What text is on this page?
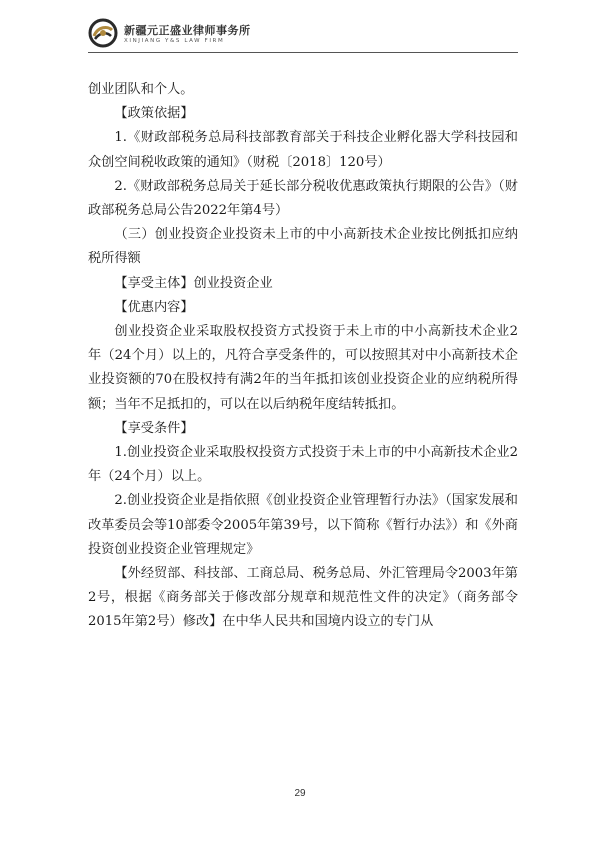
新疆元正盛业律师事务所
XINJIANG Y&S LAW FIRM

创业团队和个人。

【政策依据】

1.《财政部税务总局科技部教育部关于科技企业孵化器大学科技园和众创空间税收政策的通知》（财税〔2018〕120号）

2.《财政部税务总局关于延长部分税收优惠政策执行期限的公告》（财政部税务总局公告2022年第4号）

（三）创业投资企业投资未上市的中小高新技术企业按比例抵扣应纳税所得额

【享受主体】创业投资企业

【优惠内容】

创业投资企业采取股权投资方式投资于未上市的中小高新技术企业2年（24个月）以上的，凡符合享受条件的，可以按照其对中小高新技术企业投资额的70在股权持有满2年的当年抵扣该创业投资企业的应纳税所得额；当年不足抵扣的，可以在以后纳税年度结转抵扣。

【享受条件】

1.创业投资企业采取股权投资方式投资于未上市的中小高新技术企业2年（24个月）以上。

2.创业投资企业是指依照《创业投资企业管理暂行办法》（国家发展和改革委员会等10部委令2005年第39号，以下简称《暂行办法》）和《外商投资创业投资企业管理规定》

【外经贸部、科技部、工商总局、税务总局、外汇管理局令2003年第2号，根据《商务部关于修改部分规章和规范性文件的决定》（商务部令2015年第2号）修改】在中华人民共和国境内设立的专门从

29
